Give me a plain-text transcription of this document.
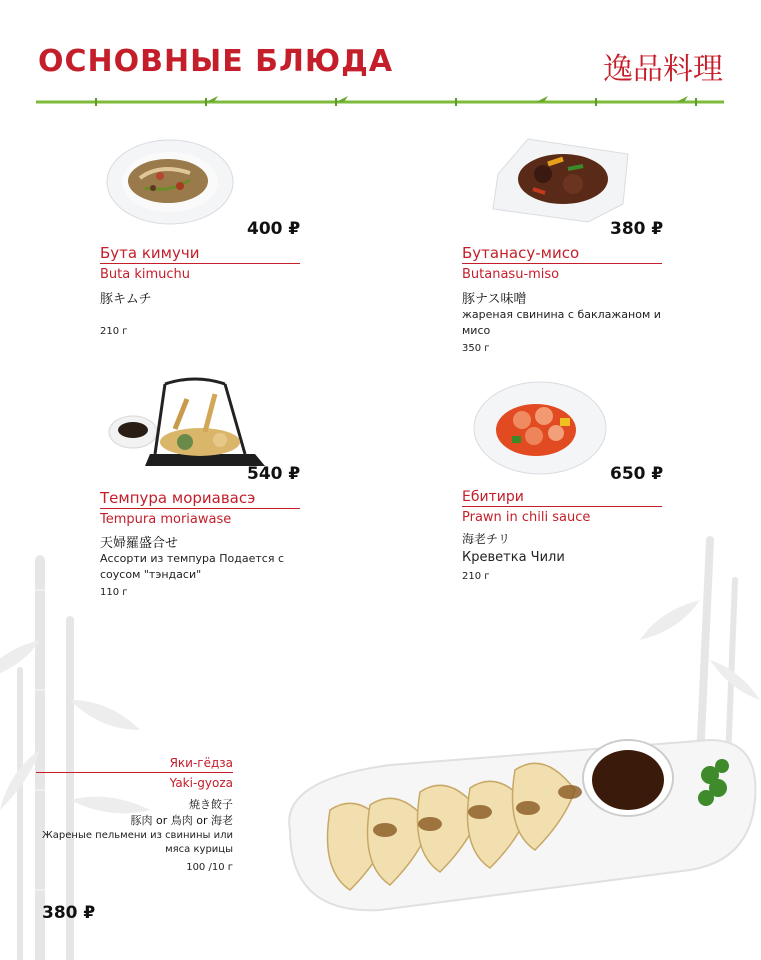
ОСНОВНЫЕ БЛЮДА	逸品料理
400 ₽
Бута кимучи
Buta kimuchu
豚キムチ
210 г
380 ₽
Бутанасу-мисо
Butanasu-miso
豚ナス味噌
жареная свинина с баклажаном и мисо
350 г
540 ₽
Темпура мориавасэ
Tempura moriawase
天婦羅盛合せ
Ассорти из темпура Подается с соусом "тэндаси"
110 г
650 ₽
Ебитири
Prawn in chili sauce
海老チリ
Креветка Чили
210 г
Яки-гёдза
Yaki-gyoza
焼き餃子
豚肉 or 鳥肉 or 海老
Жареные пельмени из свинины или мяса курицы
100 /10 г
380 ₽
